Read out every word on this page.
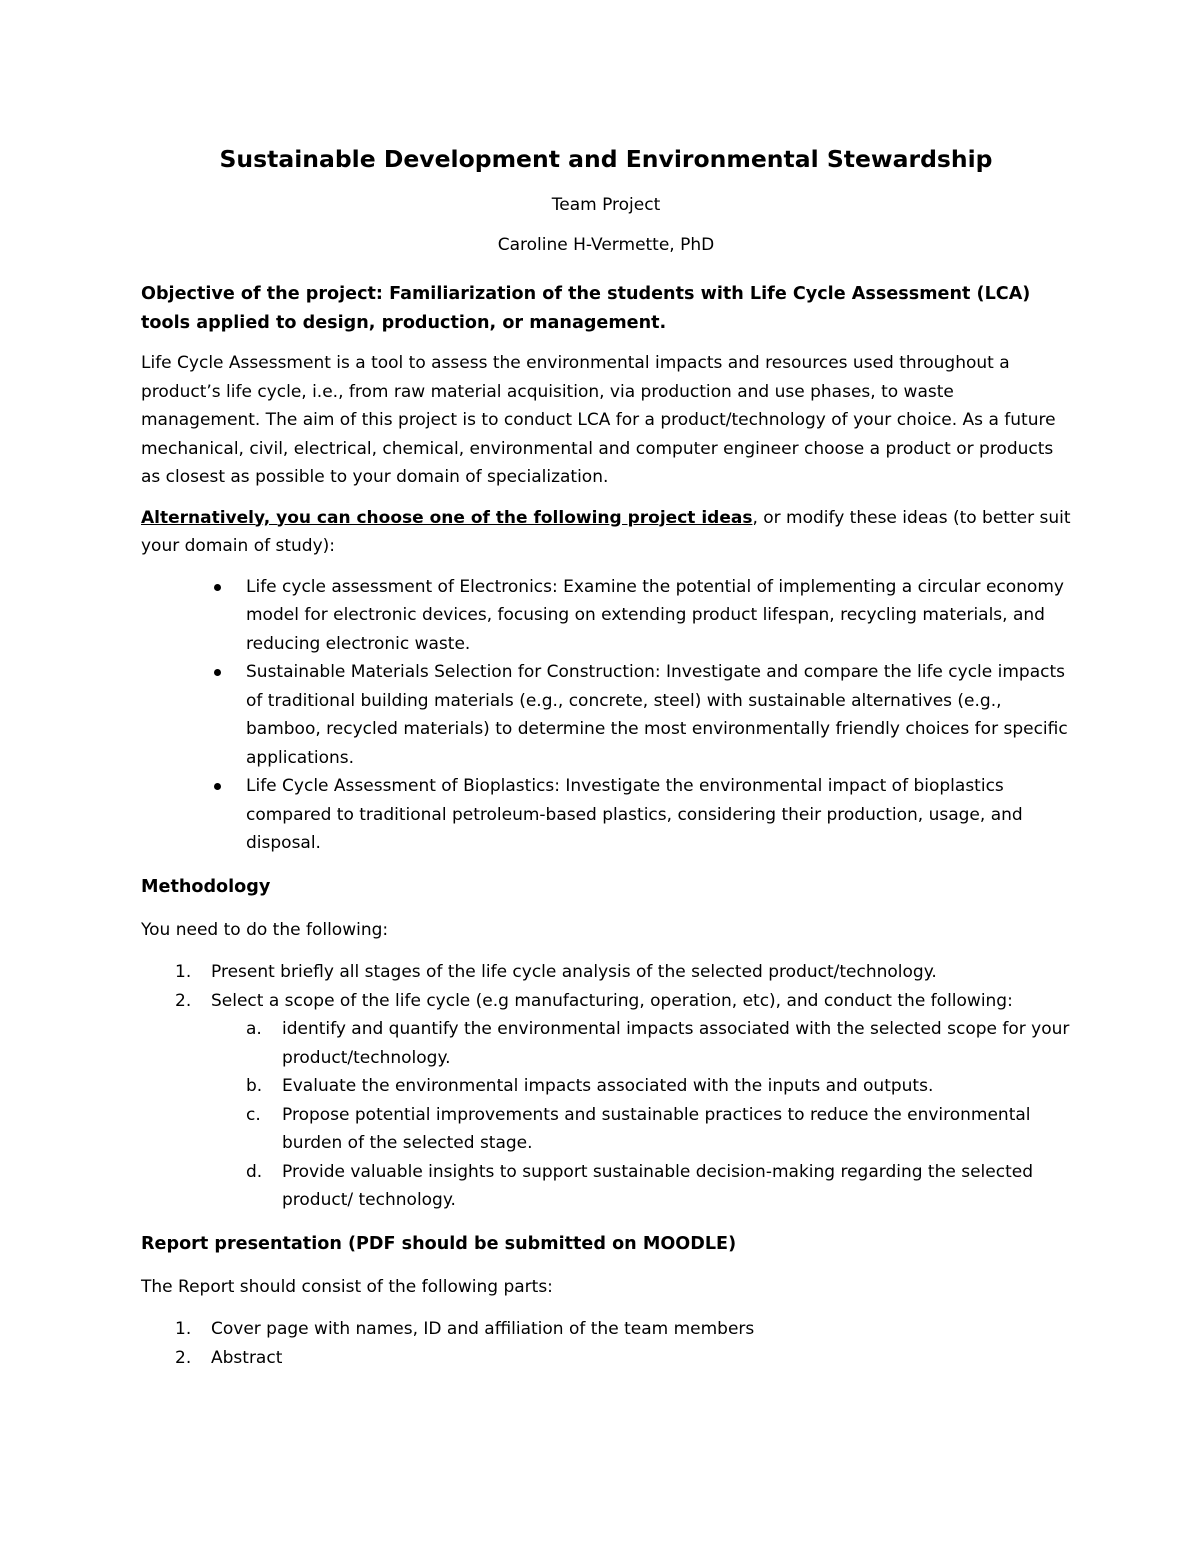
Sustainable Development and Environmental Stewardship

Team Project

Caroline H-Vermette, PhD

Objective of the project: Familiarization of the students with Life Cycle Assessment (LCA) tools applied to design, production, or management.

Life Cycle Assessment is a tool to assess the environmental impacts and resources used throughout a product’s life cycle, i.e., from raw material acquisition, via production and use phases, to waste management. The aim of this project is to conduct LCA for a product/technology of your choice. As a future mechanical, civil, electrical, chemical, environmental and computer engineer choose a product or products as closest as possible to your domain of specialization.

Alternatively, you can choose one of the following project ideas, or modify these ideas (to better suit your domain of study):

Life cycle assessment of Electronics: Examine the potential of implementing a circular economy model for electronic devices, focusing on extending product lifespan, recycling materials, and reducing electronic waste.
Sustainable Materials Selection for Construction: Investigate and compare the life cycle impacts of traditional building materials (e.g., concrete, steel) with sustainable alternatives (e.g., bamboo, recycled materials) to determine the most environmentally friendly choices for specific applications.
Life Cycle Assessment of Bioplastics: Investigate the environmental impact of bioplastics compared to traditional petroleum-based plastics, considering their production, usage, and disposal.

Methodology

You need to do the following:

1. Present briefly all stages of the life cycle analysis of the selected product/technology.
2. Select a scope of the life cycle (e.g manufacturing, operation, etc), and conduct the following:
a.	identify and quantify the environmental impacts associated with the selected scope for your product/technology.
b.	Evaluate the environmental impacts associated with the inputs and outputs.
c.	Propose potential improvements and sustainable practices to reduce the environmental burden of the selected stage.
d.	Provide valuable insights to support sustainable decision-making regarding the selected product/ technology.

Report presentation (PDF should be submitted on MOODLE)

The Report should consist of the following parts:

1. Cover page with names, ID and affiliation of the team members
2. Abstract
